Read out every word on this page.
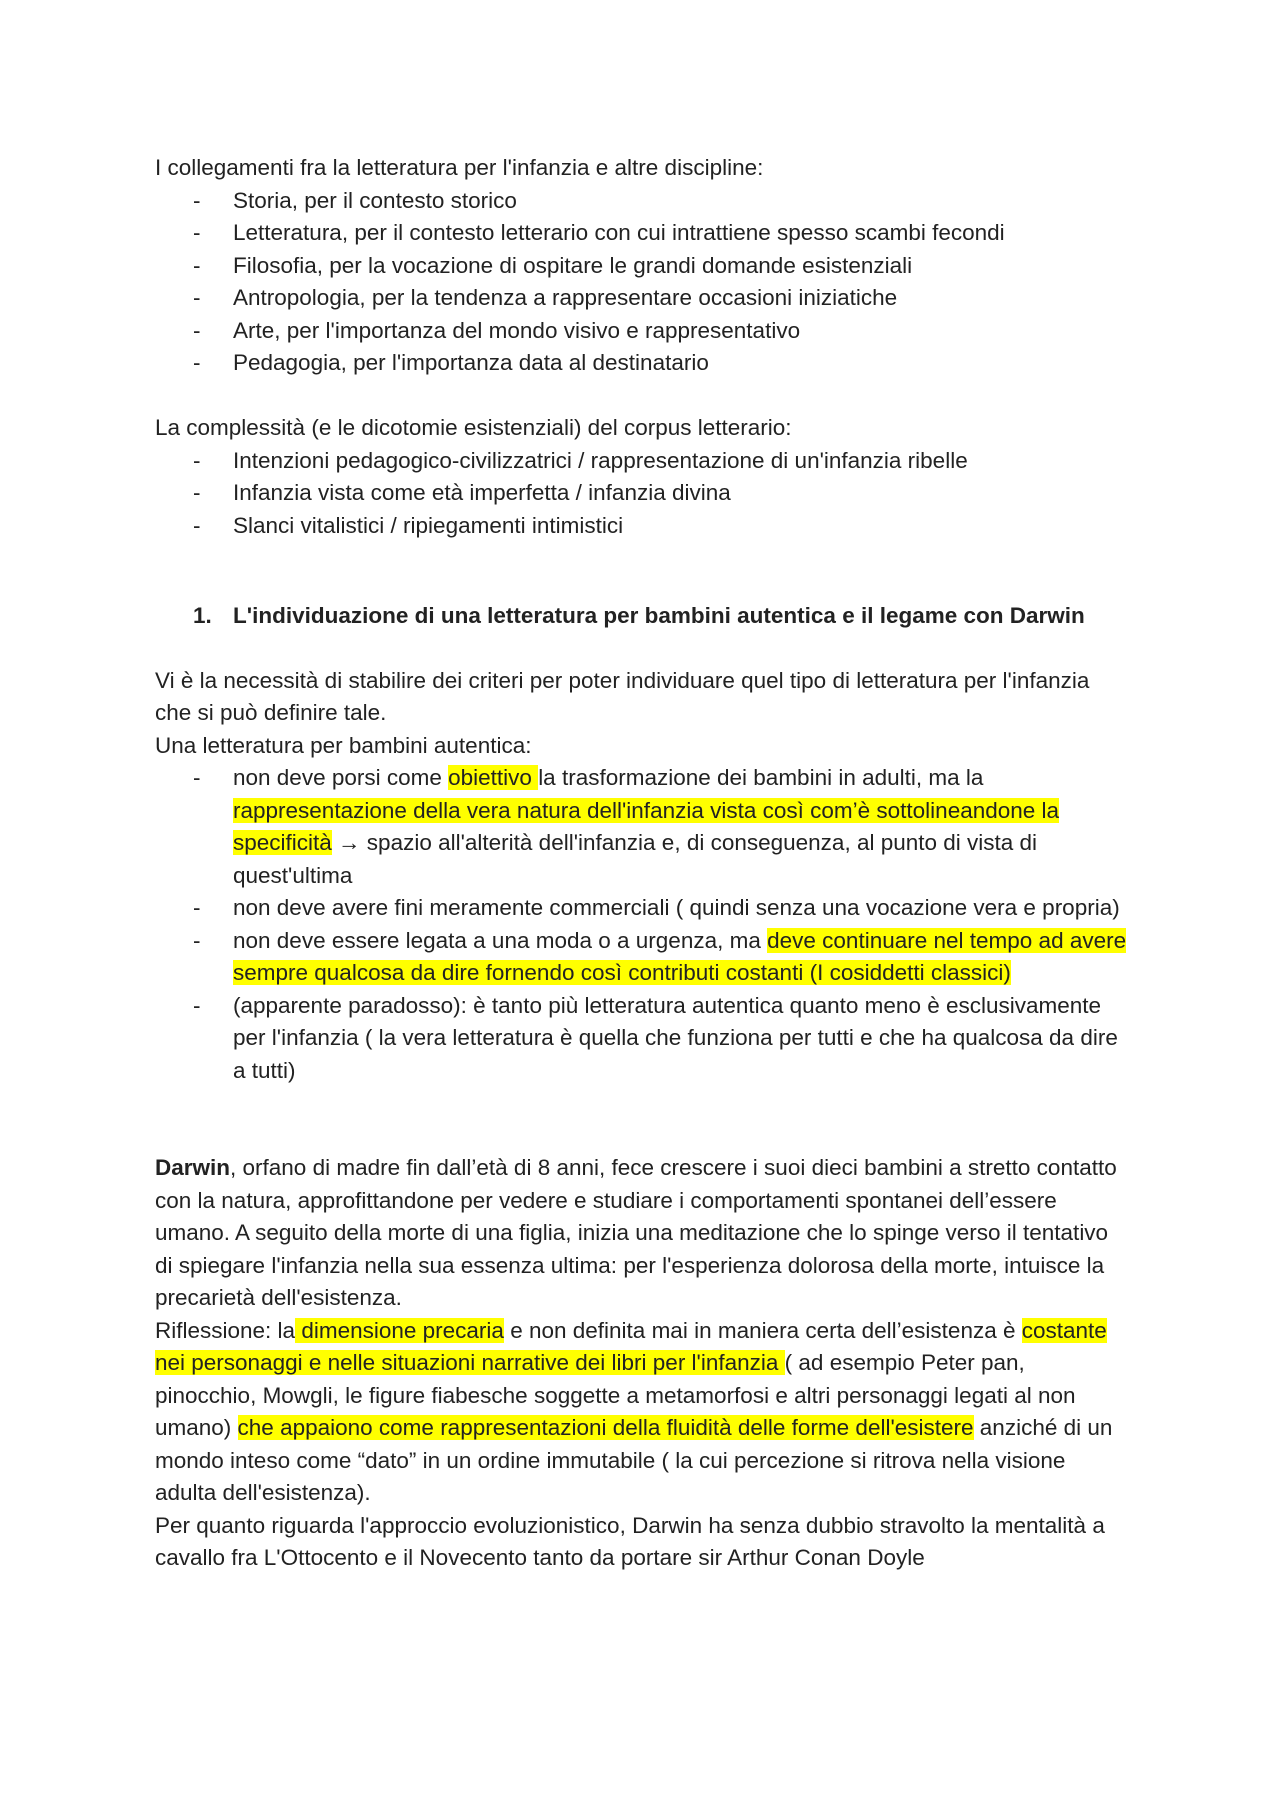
I collegamenti fra la letteratura per l'infanzia e altre discipline:

- Storia, per il contesto storico
- Letteratura, per il contesto letterario con cui intrattiene spesso scambi fecondi
- Filosofia, per la vocazione di ospitare le grandi domande esistenziali
- Antropologia, per la tendenza a rappresentare occasioni iniziatiche
- Arte, per l'importanza del mondo visivo e rappresentativo
- Pedagogia, per l'importanza data al destinatario

La complessità (e le dicotomie esistenziali) del corpus letterario:

- Intenzioni pedagogico-civilizzatrici / rappresentazione di un'infanzia ribelle
- Infanzia vista come età imperfetta / infanzia divina
- Slanci vitalistici / ripiegamenti intimistici
1. L'individuazione di una letteratura per bambini autentica e il legame con Darwin

Vi è la necessità di stabilire dei criteri per poter individuare quel tipo di letteratura per l'infanzia che si può definire tale.

Una letteratura per bambini autentica:

- non deve porsi come obiettivo la trasformazione dei bambini in adulti, ma la rappresentazione della vera natura dell'infanzia vista così com’è sottolineandone la specificità → spazio all'alterità dell'infanzia e, di conseguenza, al punto di vista di quest'ultima
- non deve avere fini meramente commerciali ( quindi senza una vocazione vera e propria)
- non deve essere legata a una moda o a urgenza, ma deve continuare nel tempo ad avere sempre qualcosa da dire fornendo così contributi costanti (I cosiddetti classici)
- (apparente paradosso): è tanto più letteratura autentica quanto meno è esclusivamente per l'infanzia ( la vera letteratura è quella che funziona per tutti e che ha qualcosa da dire a tutti)

Darwin, orfano di madre fin dall’età di 8 anni, fece crescere i suoi dieci bambini a stretto contatto con la natura, approfittandone per vedere e studiare i comportamenti spontanei dell’essere umano. A seguito della morte di una figlia, inizia una meditazione che lo spinge verso il tentativo di spiegare l'infanzia nella sua essenza ultima: per l'esperienza dolorosa della morte, intuisce la precarietà dell'esistenza.

Riflessione: la dimensione precaria e non definita mai in maniera certa dell’esistenza è costante nei personaggi e nelle situazioni narrative dei libri per l'infanzia ( ad esempio Peter pan, pinocchio, Mowgli, le figure fiabesche soggette a metamorfosi e altri personaggi legati al non umano) che appaiono come rappresentazioni della fluidità delle forme dell'esistere anziché di un mondo inteso come “dato” in un ordine immutabile ( la cui percezione si ritrova nella visione adulta dell'esistenza).

Per quanto riguarda l'approccio evoluzionistico, Darwin ha senza dubbio stravolto la mentalità a cavallo fra L'Ottocento e il Novecento tanto da portare sir Arthur Conan Doyle
